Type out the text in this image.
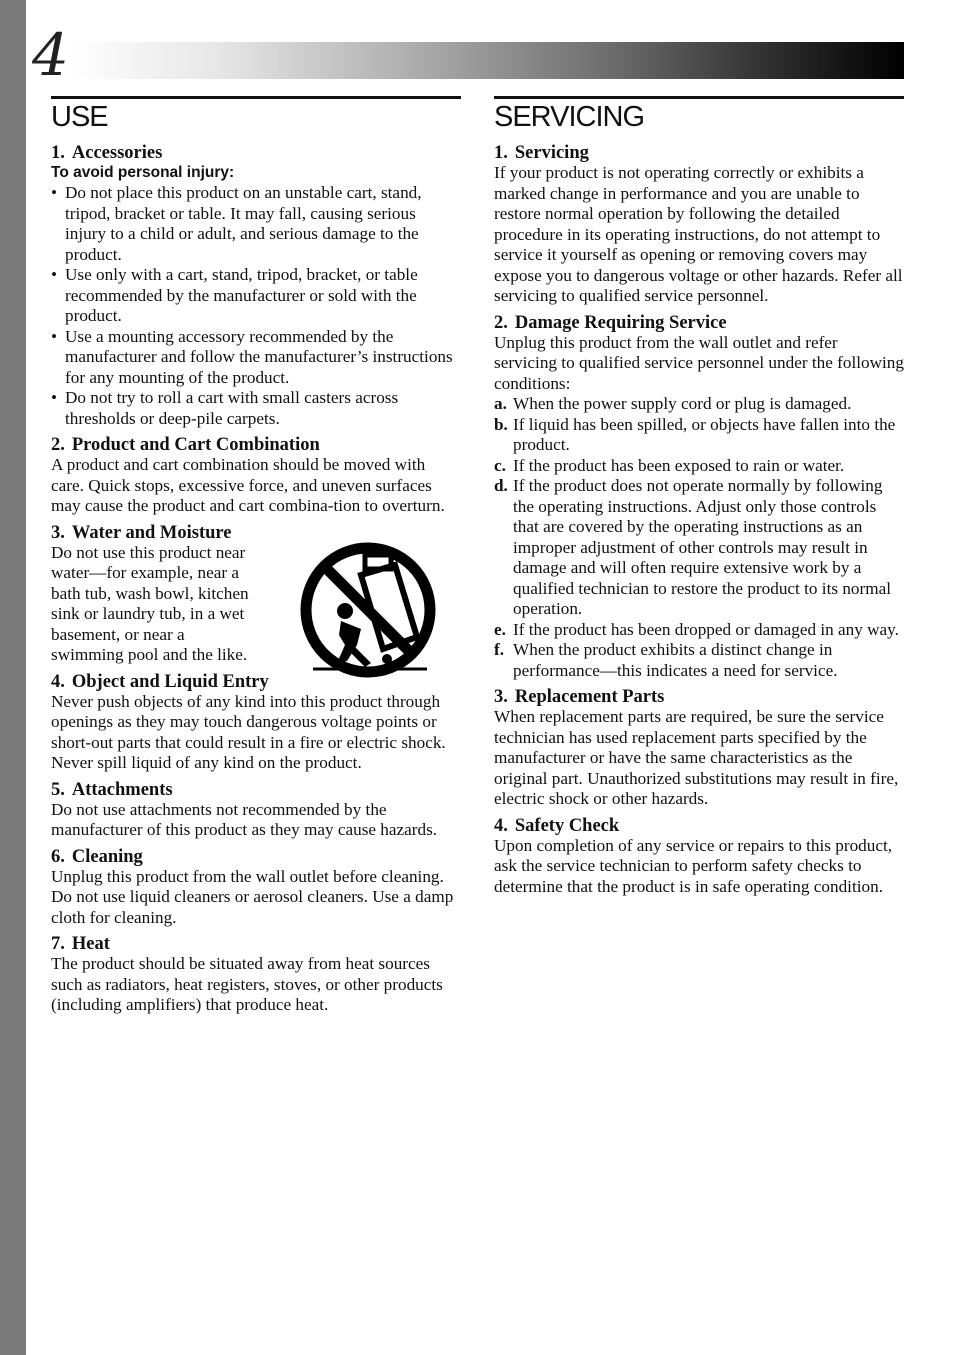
4
USE
1. Accessories
To avoid personal injury:
• Do not place this product on an unstable cart, stand, tripod, bracket or table. It may fall, causing serious injury to a child or adult, and serious damage to the product.
• Use only with a cart, stand, tripod, bracket, or table recommended by the manufacturer or sold with the product.
• Use a mounting accessory recommended by the manufacturer and follow the manufacturer’s instructions for any mounting of the product.
• Do not try to roll a cart with small casters across thresholds or deep-pile carpets.
2. Product and Cart Combination
A product and cart combination should be moved with care. Quick stops, excessive force, and uneven surfaces may cause the product and cart combina-tion to overturn.
3. Water and Moisture
Do not use this product near water—for example, near a bath tub, wash bowl, kitchen sink or laundry tub, in a wet basement, or near a swimming pool and the like.
4. Object and Liquid Entry
Never push objects of any kind into this product through openings as they may touch dangerous voltage points or short-out parts that could result in a fire or electric shock. Never spill liquid of any kind on the product.
5. Attachments
Do not use attachments not recommended by the manufacturer of this product as they may cause hazards.
6. Cleaning
Unplug this product from the wall outlet before cleaning. Do not use liquid cleaners or aerosol cleaners. Use a damp cloth for cleaning.
7. Heat
The product should be situated away from heat sources such as radiators, heat registers, stoves, or other products (including amplifiers) that produce heat.
SERVICING
1. Servicing
If your product is not operating correctly or exhibits a marked change in performance and you are unable to restore normal operation by following the detailed procedure in its operating instructions, do not attempt to service it yourself as opening or removing covers may expose you to dangerous voltage or other hazards. Refer all servicing to qualified service personnel.
2. Damage Requiring Service
Unplug this product from the wall outlet and refer servicing to qualified service personnel under the following conditions:
a. When the power supply cord or plug is damaged.
b. If liquid has been spilled, or objects have fallen into the product.
c. If the product has been exposed to rain or water.
d. If the product does not operate normally by following the operating instructions. Adjust only those controls that are covered by the operating instructions as an improper adjustment of other controls may result in damage and will often require extensive work by a qualified technician to restore the product to its normal operation.
e. If the product has been dropped or damaged in any way.
f. When the product exhibits a distinct change in performance—this indicates a need for service.
3. Replacement Parts
When replacement parts are required, be sure the service technician has used replacement parts specified by the manufacturer or have the same characteristics as the original part. Unauthorized substitutions may result in fire, electric shock or other hazards.
4. Safety Check
Upon completion of any service or repairs to this product, ask the service technician to perform safety checks to determine that the product is in safe operating condition.
